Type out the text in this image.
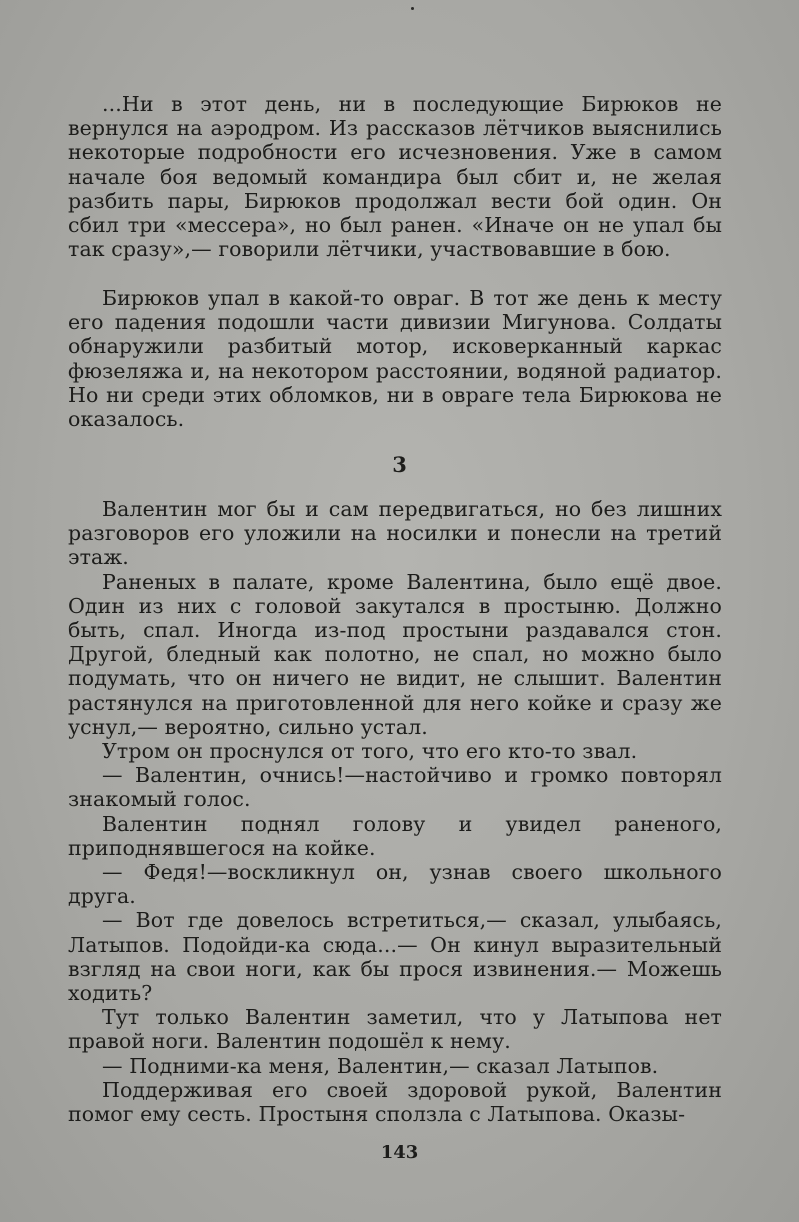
...Ни в этот день, ни в последующие Бирюков не вернулся на аэродром. Из рассказов лётчиков выяснились некоторые подробности его исчезновения. Уже в самом начале боя ведомый командира был сбит и, не желая разбить пары, Бирюков продолжал вести бой один. Он сбил три «мессера», но был ранен. «Иначе он не упал бы так сразу»,— говорили лётчики, участвовавшие в бою.

Бирюков упал в какой-то овраг. В тот же день к месту его падения подошли части дивизии Мигунова. Солдаты обнаружили разбитый мотор, исковерканный каркас фюзеляжа и, на некотором расстоянии, водяной радиатор. Но ни среди этих обломков, ни в овраге тела Бирюкова не оказалось.

3

Валентин мог бы и сам передвигаться, но без лишних разговоров его уложили на носилки и понесли на третий этаж.

Раненых в палате, кроме Валентина, было ещё двое. Один из них с головой закутался в простыню. Должно быть, спал. Иногда из-под простыни раздавался стон. Другой, бледный как полотно, не спал, но можно было подумать, что он ничего не видит, не слышит. Валентин растянулся на приготовленной для него койке и сразу же уснул,— вероятно, сильно устал.

Утром он проснулся от того, что его кто-то звал.

— Валентин, очнись!—настойчиво и громко повторял знакомый голос.

Валентин поднял голову и увидел раненого, приподнявшегося на койке.

— Федя!—воскликнул он, узнав своего школьного друга.

— Вот где довелось встретиться,— сказал, улыбаясь, Латыпов. Подойди-ка сюда...— Он кинул выразительный взгляд на свои ноги, как бы прося извинения.— Можешь ходить?

Тут только Валентин заметил, что у Латыпова нет правой ноги. Валентин подошёл к нему.

— Подними-ка меня, Валентин,— сказал Латыпов.

Поддерживая его своей здоровой рукой, Валентин помог ему сесть. Простыня сползла с Латыпова. Оказы-

143
